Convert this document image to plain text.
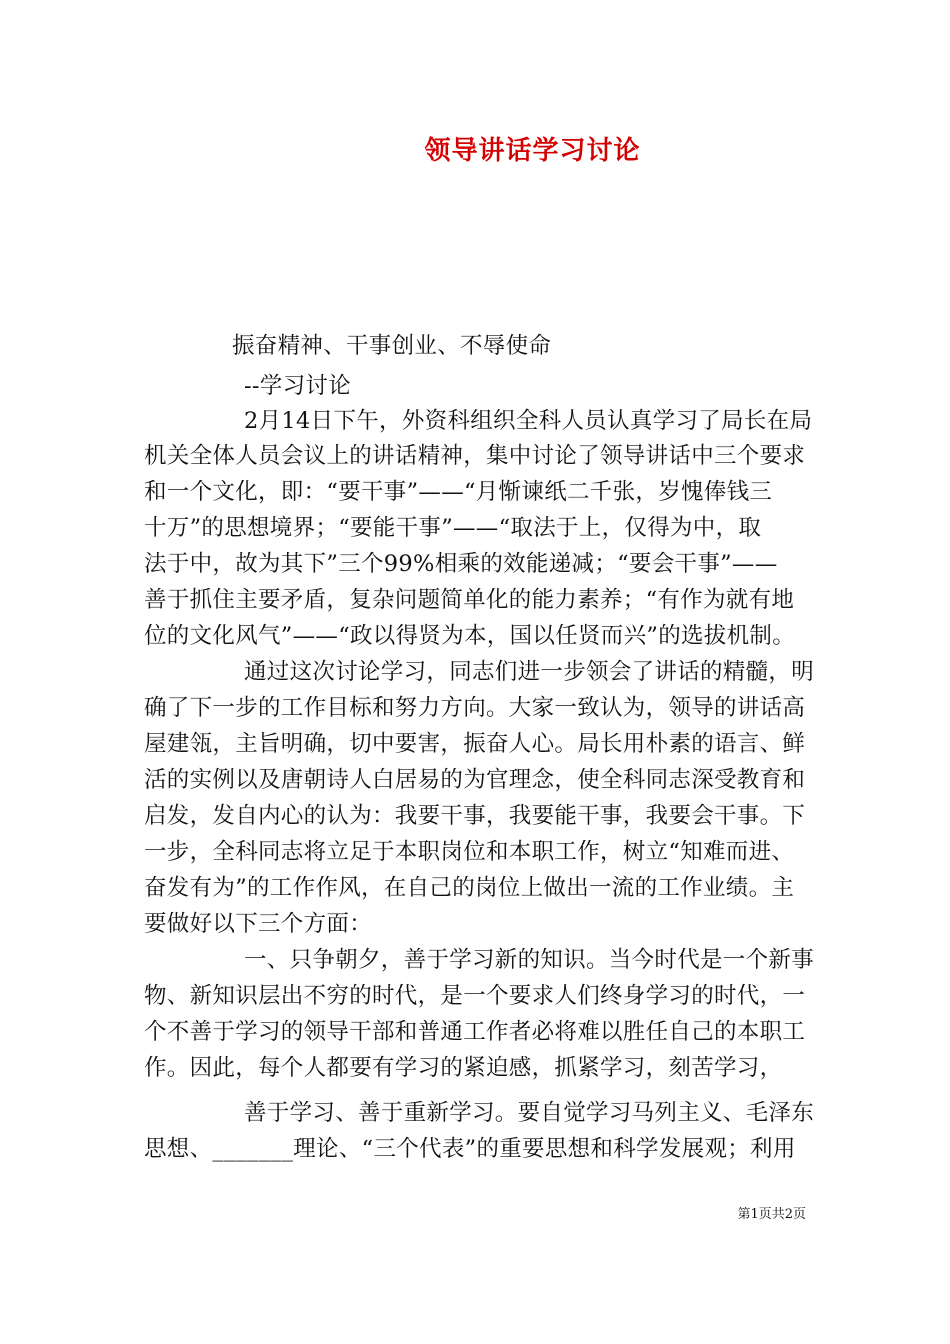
领导讲话学习讨论
振奋精神、干事创业、不辱使命
--学习讨论
2月14日下午，外资科组织全科人员认真学习了局长在局
机关全体人员会议上的讲话精神，集中讨论了领导讲话中三个要求
和一个文化，即：“要干事”——“月惭谏纸二千张，岁愧俸钱三
十万”的思想境界；“要能干事”——“取法于上，仅得为中，取
法于中，故为其下”三个99%相乘的效能递减；“要会干事”——
善于抓住主要矛盾，复杂问题简单化的能力素养；“有作为就有地
位的文化风气”——“政以得贤为本，国以任贤而兴”的选拔机制。
通过这次讨论学习，同志们进一步领会了讲话的精髓，明
确了下一步的工作目标和努力方向。大家一致认为，领导的讲话高
屋建瓴，主旨明确，切中要害，振奋人心。局长用朴素的语言、鲜
活的实例以及唐朝诗人白居易的为官理念，使全科同志深受教育和
启发，发自内心的认为：我要干事，我要能干事，我要会干事。下
一步，全科同志将立足于本职岗位和本职工作，树立“知难而进、
奋发有为”的工作作风，在自己的岗位上做出一流的工作业绩。主
要做好以下三个方面：
一、只争朝夕，善于学习新的知识。当今时代是一个新事
物、新知识层出不穷的时代，是一个要求人们终身学习的时代，一
个不善于学习的领导干部和普通工作者必将难以胜任自己的本职工
作。因此，每个人都要有学习的紧迫感，抓紧学习，刻苦学习，
善于学习、善于重新学习。要自觉学习马列主义、毛泽东
思想、_______理论、“三个代表”的重要思想和科学发展观；利用
第1页共2页
